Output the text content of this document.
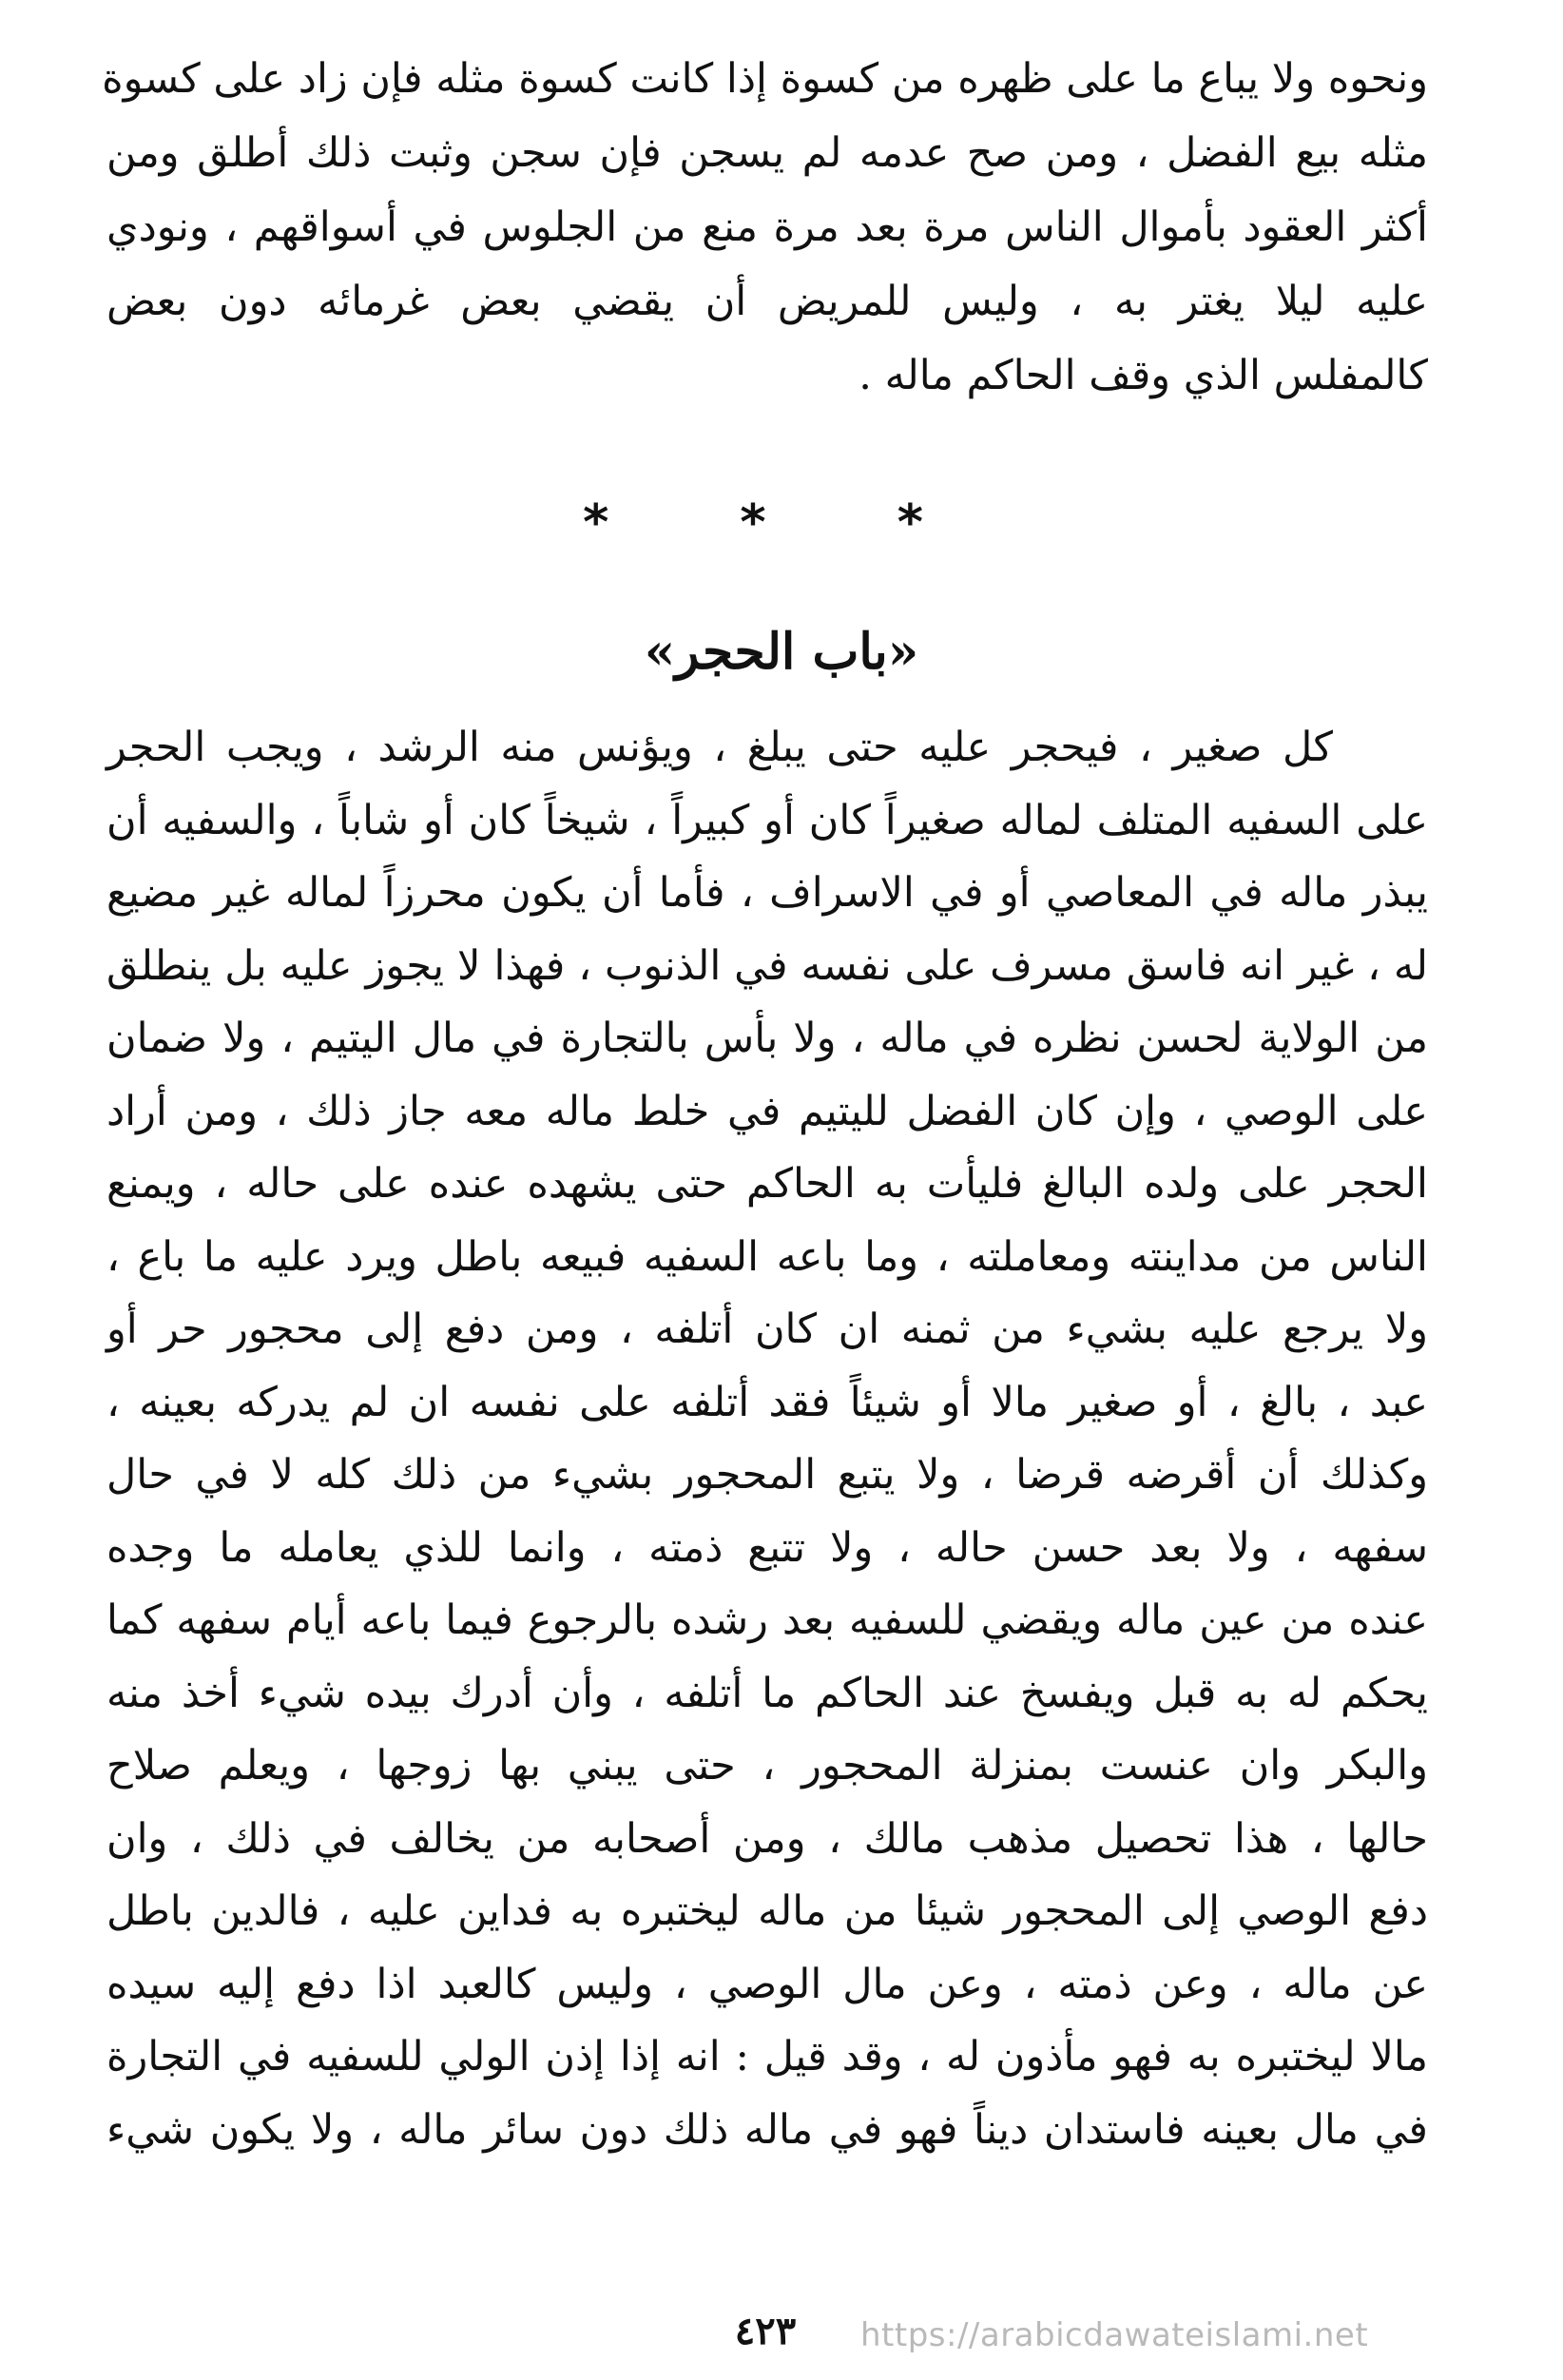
ونحوه ولا يباع ما على ظهره من كسوة إذا كانت كسوة مثله فإن زاد على كسوة
مثله بيع الفضل ، ومن صح عدمه لم يسجن فإن سجن وثبت ذلك أطلق ومن
أكثر العقود بأموال الناس مرة بعد مرة منع من الجلوس في أسواقهم ، ونودي
عليه ليلا يغتر به ، وليس للمريض أن يقضي بعض غرمائه دون بعض
كالمفلس الذي وقف الحاكم ماله .
* * *
«باب الحجر»
كل صغير ، فيحجر عليه حتى يبلغ ، ويؤنس منه الرشد ، ويجب الحجر
على السفيه المتلف لماله صغيراً كان أو كبيراً ، شيخاً كان أو شاباً ، والسفيه أن
يبذر ماله في المعاصي أو في الاسراف ، فأما أن يكون محرزاً لماله غير مضيع
له ، غير انه فاسق مسرف على نفسه في الذنوب ، فهذا لا يجوز عليه بل ينطلق
من الولاية لحسن نظره في ماله ، ولا بأس بالتجارة في مال اليتيم ، ولا ضمان
على الوصي ، وإن كان الفضل لليتيم في خلط ماله معه جاز ذلك ، ومن أراد
الحجر على ولده البالغ فليأت به الحاكم حتى يشهده عنده على حاله ، ويمنع
الناس من مداينته ومعاملته ، وما باعه السفيه فبيعه باطل ويرد عليه ما باع ،
ولا يرجع عليه بشيء من ثمنه ان كان أتلفه ، ومن دفع إلى محجور حر أو
عبد ، بالغ ، أو صغير مالا أو شيئاً فقد أتلفه على نفسه ان لم يدركه بعينه ،
وكذلك أن أقرضه قرضا ، ولا يتبع المحجور بشيء من ذلك كله لا في حال
سفهه ، ولا بعد حسن حاله ، ولا تتبع ذمته ، وانما للذي يعامله ما وجده
عنده من عين ماله ويقضي للسفيه بعد رشده بالرجوع فيما باعه أيام سفهه كما
يحكم له به قبل ويفسخ عند الحاكم ما أتلفه ، وأن أدرك بيده شيء أخذ منه
والبكر وان عنست بمنزلة المحجور ، حتى يبني بها زوجها ، ويعلم صلاح
حالها ، هذا تحصيل مذهب مالك ، ومن أصحابه من يخالف في ذلك ، وان
دفع الوصي إلى المحجور شيئا من ماله ليختبره به فداين عليه ، فالدين باطل
عن ماله ، وعن ذمته ، وعن مال الوصي ، وليس كالعبد اذا دفع إليه سيده
مالا ليختبره به فهو مأذون له ، وقد قيل : انه إذا إذن الولي للسفيه في التجارة
في مال بعينه فاستدان ديناً فهو في ماله ذلك دون سائر ماله ، ولا يكون شيء
٤٢٣	https://arabicdawateislami.net
